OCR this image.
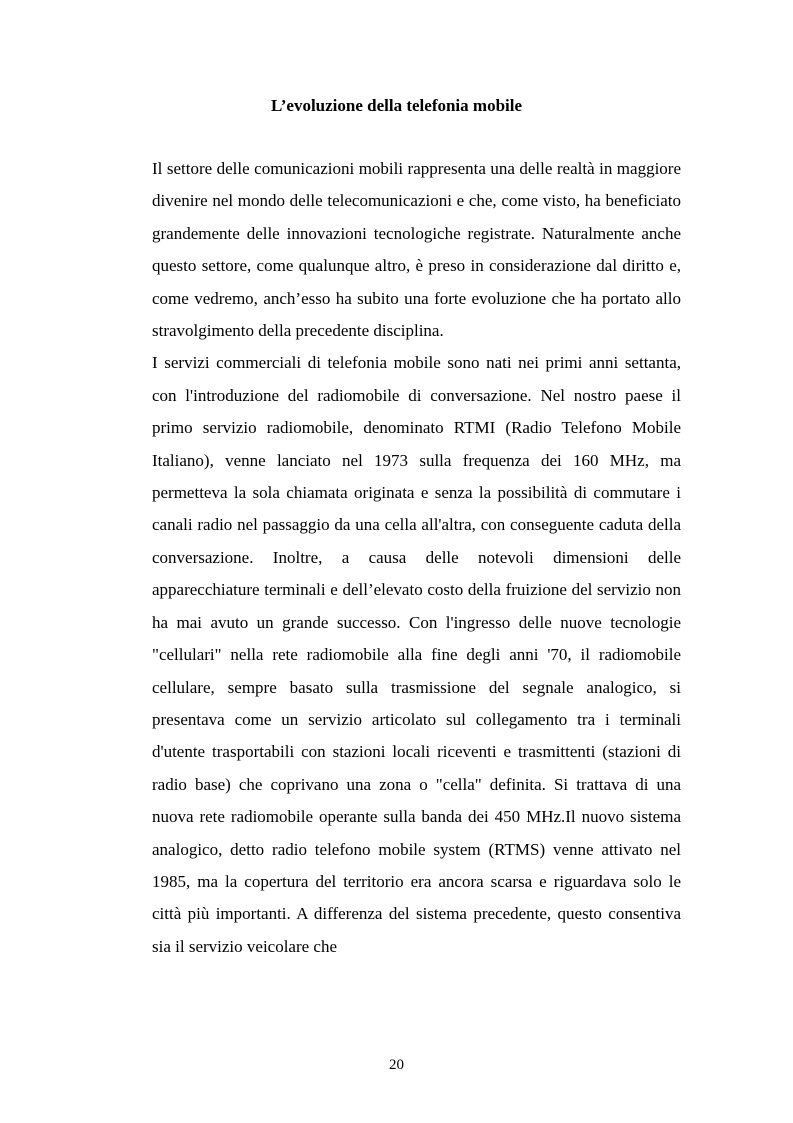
L’evoluzione della telefonia mobile

Il settore delle comunicazioni mobili rappresenta una delle realtà in maggiore divenire nel mondo delle telecomunicazioni e che, come visto, ha beneficiato grandemente delle innovazioni tecnologiche registrate. Naturalmente anche questo settore, come qualunque altro, è preso in considerazione dal diritto e, come vedremo, anch’esso ha subito una forte evoluzione che ha portato allo stravolgimento della precedente disciplina.

I servizi commerciali di telefonia mobile sono nati nei primi anni settanta, con l'introduzione del radiomobile di conversazione. Nel nostro paese il primo servizio radiomobile, denominato RTMI (Radio Telefono Mobile Italiano), venne lanciato nel 1973 sulla frequenza dei 160 MHz, ma permetteva la sola chiamata originata e senza la possibilità di commutare i canali radio nel passaggio da una cella all'altra, con conseguente caduta della conversazione. Inoltre, a causa delle notevoli dimensioni delle apparecchiature terminali e dell’elevato costo della fruizione del servizio non ha mai avuto un grande successo. Con l'ingresso delle nuove tecnologie "cellulari" nella rete radiomobile alla fine degli anni '70, il radiomobile cellulare, sempre basato sulla trasmissione del segnale analogico, si presentava come un servizio articolato sul collegamento tra i terminali d'utente trasportabili con stazioni locali riceventi e trasmittenti (stazioni di radio base) che coprivano una zona o "cella" definita. Si trattava di una nuova rete radiomobile operante sulla banda dei 450 MHz.Il nuovo sistema analogico, detto radio telefono mobile system (RTMS) venne attivato nel 1985, ma la copertura del territorio era ancora scarsa e riguardava solo le città più importanti. A differenza del sistema precedente, questo consentiva sia il servizio veicolare che

20
